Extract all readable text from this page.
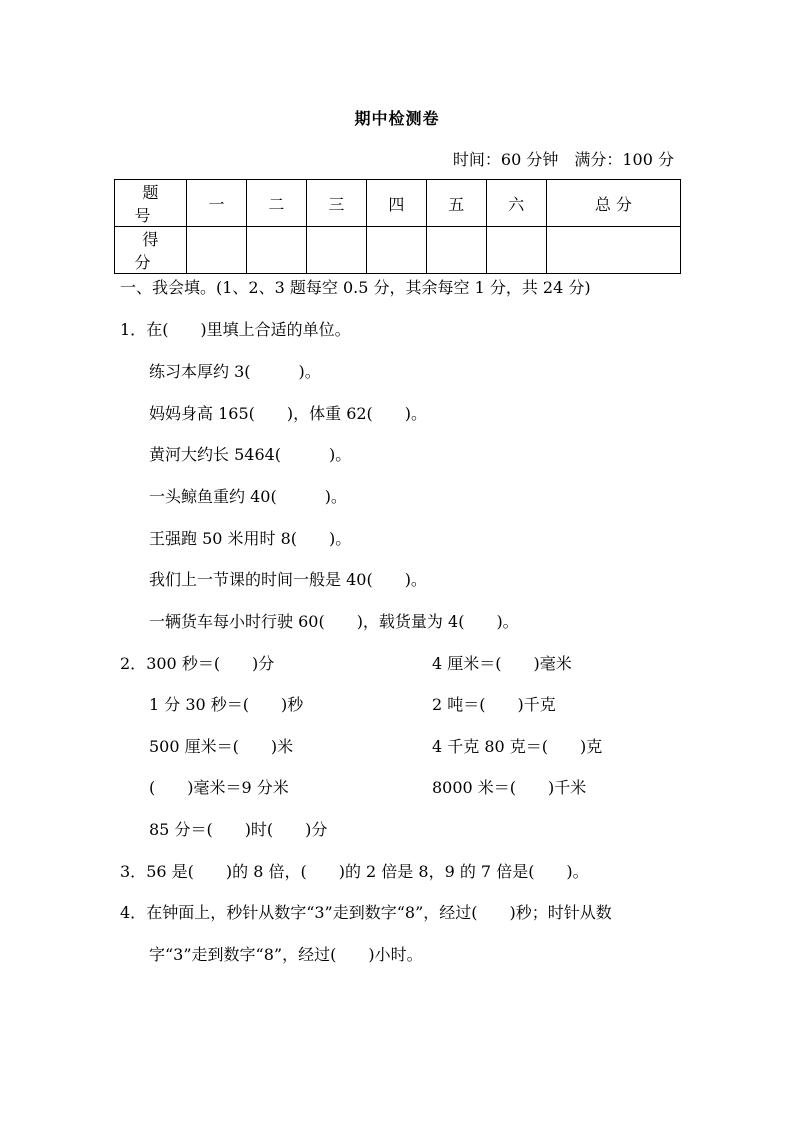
期中检测卷
时间：60 分钟　满分：100 分
题 号	一	二	三	四	五	六	总 分
得 分							
一、我会填。(1、2、3 题每空 0.5 分，其余每空 1 分，共 24 分)
1．在(　　)里填上合适的单位。
练习本厚约 3(　　　)。
妈妈身高 165(　　)，体重 62(　　)。
黄河大约长 5464(　　　)。
一头鲸鱼重约 40(　　　)。
王强跑 50 米用时 8(　　)。
我们上一节课的时间一般是 40(　　)。
一辆货车每小时行驶 60(　　)，载货量为 4(　　)。
2．300 秒＝(　　)分	4 厘米＝(　　)毫米
1 分 30 秒＝(　　)秒	2 吨＝(　　)千克
500 厘米＝(　　)米	4 千克 80 克＝(　　)克
(　　)毫米＝9 分米	8000 米＝(　　)千米
85 分＝(　　)时(　　)分
3．56 是(　　)的 8 倍，(　　)的 2 倍是 8，9 的 7 倍是(　　)。
4．在钟面上，秒针从数字“3”走到数字“8”，经过(　　)秒；时针从数
字“3”走到数字“8”，经过(　　)小时。
